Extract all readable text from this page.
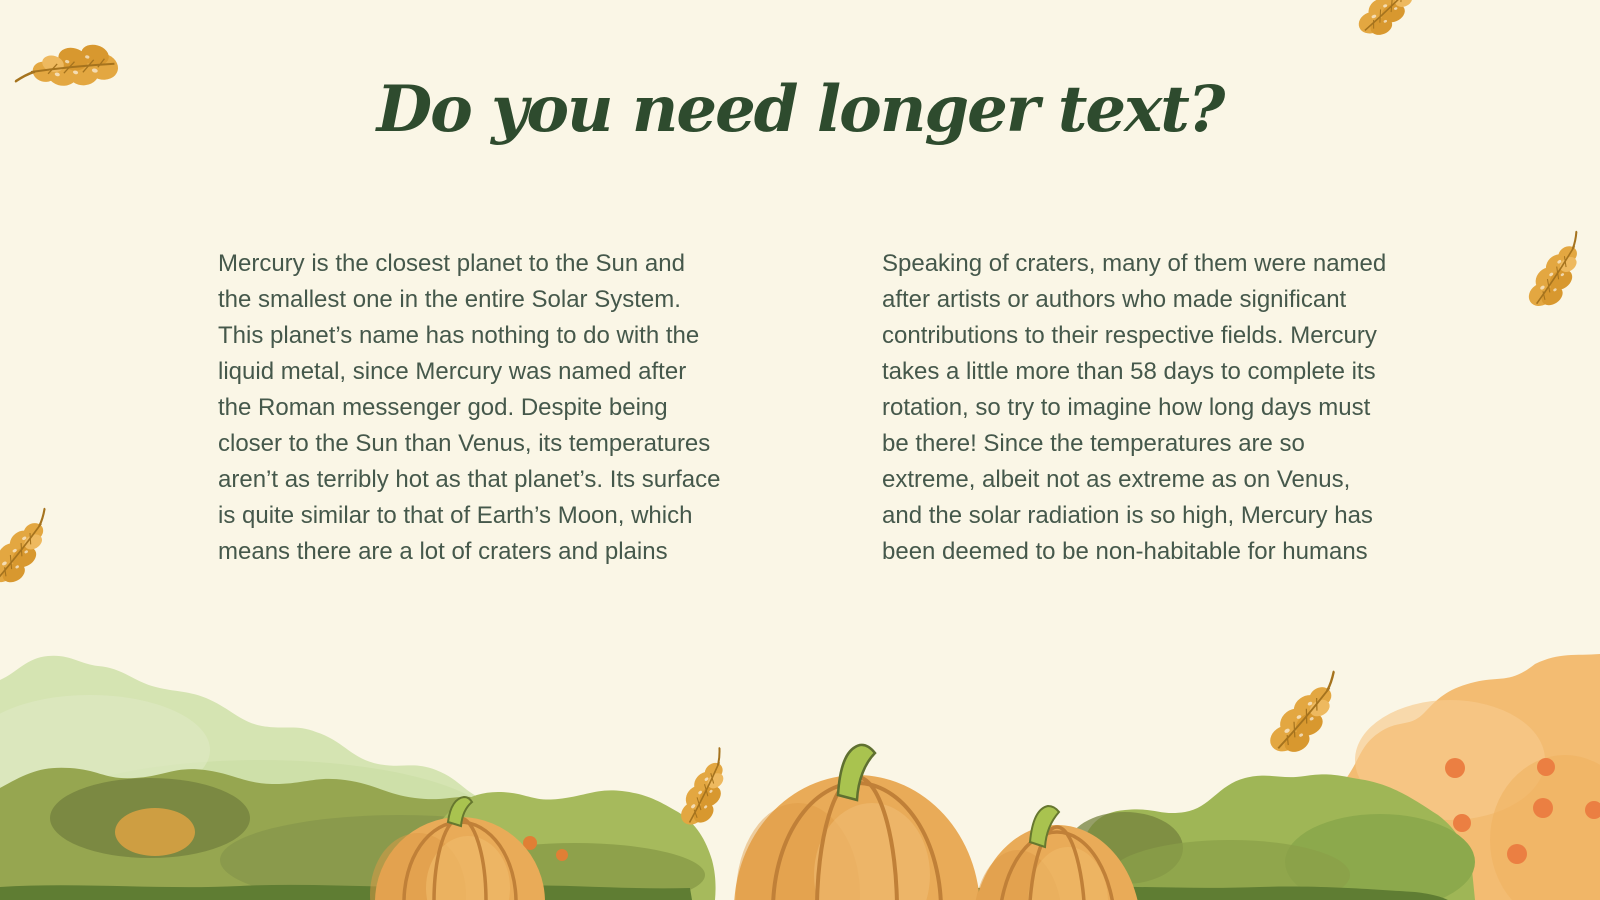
Do you need longer text?

Mercury is the closest planet to the Sun and the smallest one in the entire Solar System. This planet’s name has nothing to do with the liquid metal, since Mercury was named after the Roman messenger god. Despite being closer to the Sun than Venus, its temperatures aren’t as terribly hot as that planet’s. Its surface is quite similar to that of Earth’s Moon, which means there are a lot of craters and plains

Speaking of craters, many of them were named after artists or authors who made significant contributions to their respective fields. Mercury takes a little more than 58 days to complete its rotation, so try to imagine how long days must be there! Since the temperatures are so extreme, albeit not as extreme as on Venus, and the solar radiation is so high, Mercury has been deemed to be non-habitable for humans
